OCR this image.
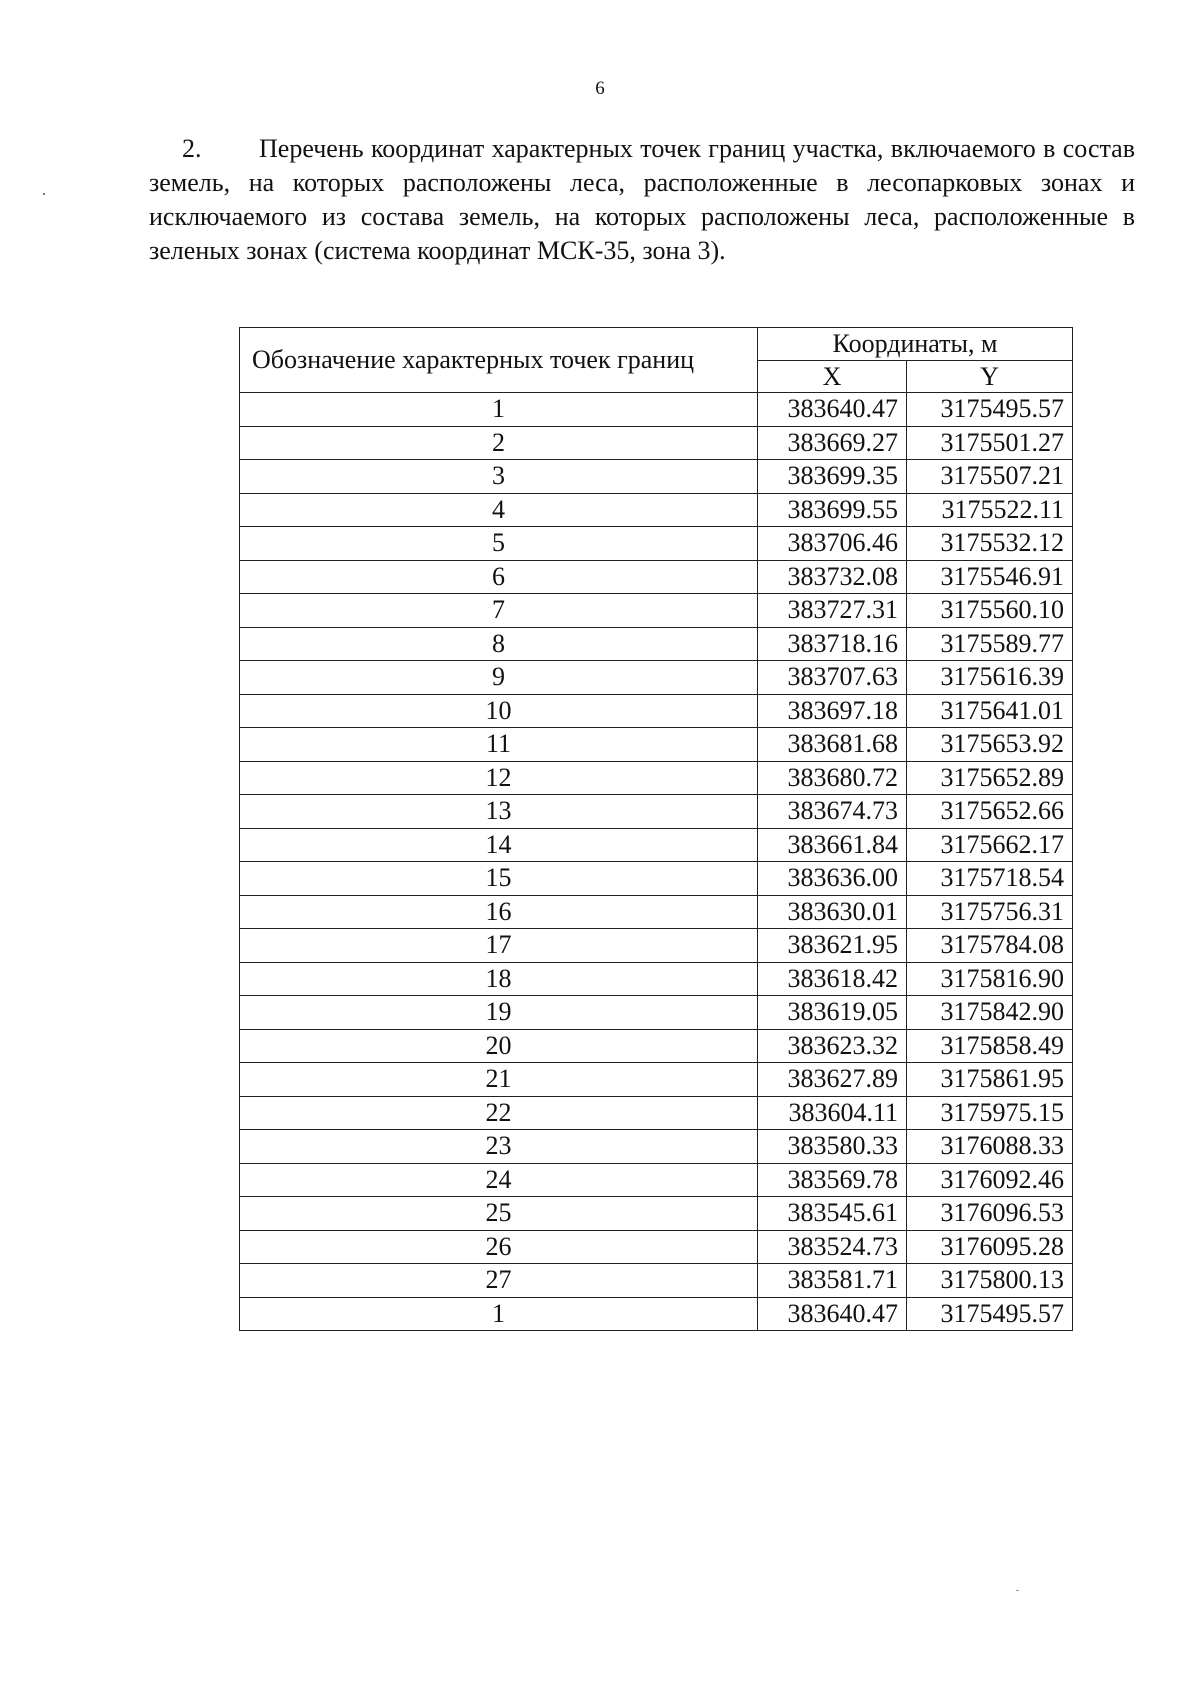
6

2. Перечень координат характерных точек границ участка, включаемого в состав земель, на которых расположены леса, расположенные в лесопарковых зонах и исключаемого из состава земель, на которых расположены леса, расположенные в зеленых зонах (система координат МСК-35, зона 3).

Обозначение характерных точек границ	Координаты, м	
	X	Y
1	383640.47	3175495.57
2	383669.27	3175501.27
3	383699.35	3175507.21
4	383699.55	3175522.11
5	383706.46	3175532.12
6	383732.08	3175546.91
7	383727.31	3175560.10
8	383718.16	3175589.77
9	383707.63	3175616.39
10	383697.18	3175641.01
11	383681.68	3175653.92
12	383680.72	3175652.89
13	383674.73	3175652.66
14	383661.84	3175662.17
15	383636.00	3175718.54
16	383630.01	3175756.31
17	383621.95	3175784.08
18	383618.42	3175816.90
19	383619.05	3175842.90
20	383623.32	3175858.49
21	383627.89	3175861.95
22	383604.11	3175975.15
23	383580.33	3176088.33
24	383569.78	3176092.46
25	383545.61	3176096.53
26	383524.73	3176095.28
27	383581.71	3175800.13
1	383640.47	3175495.57
